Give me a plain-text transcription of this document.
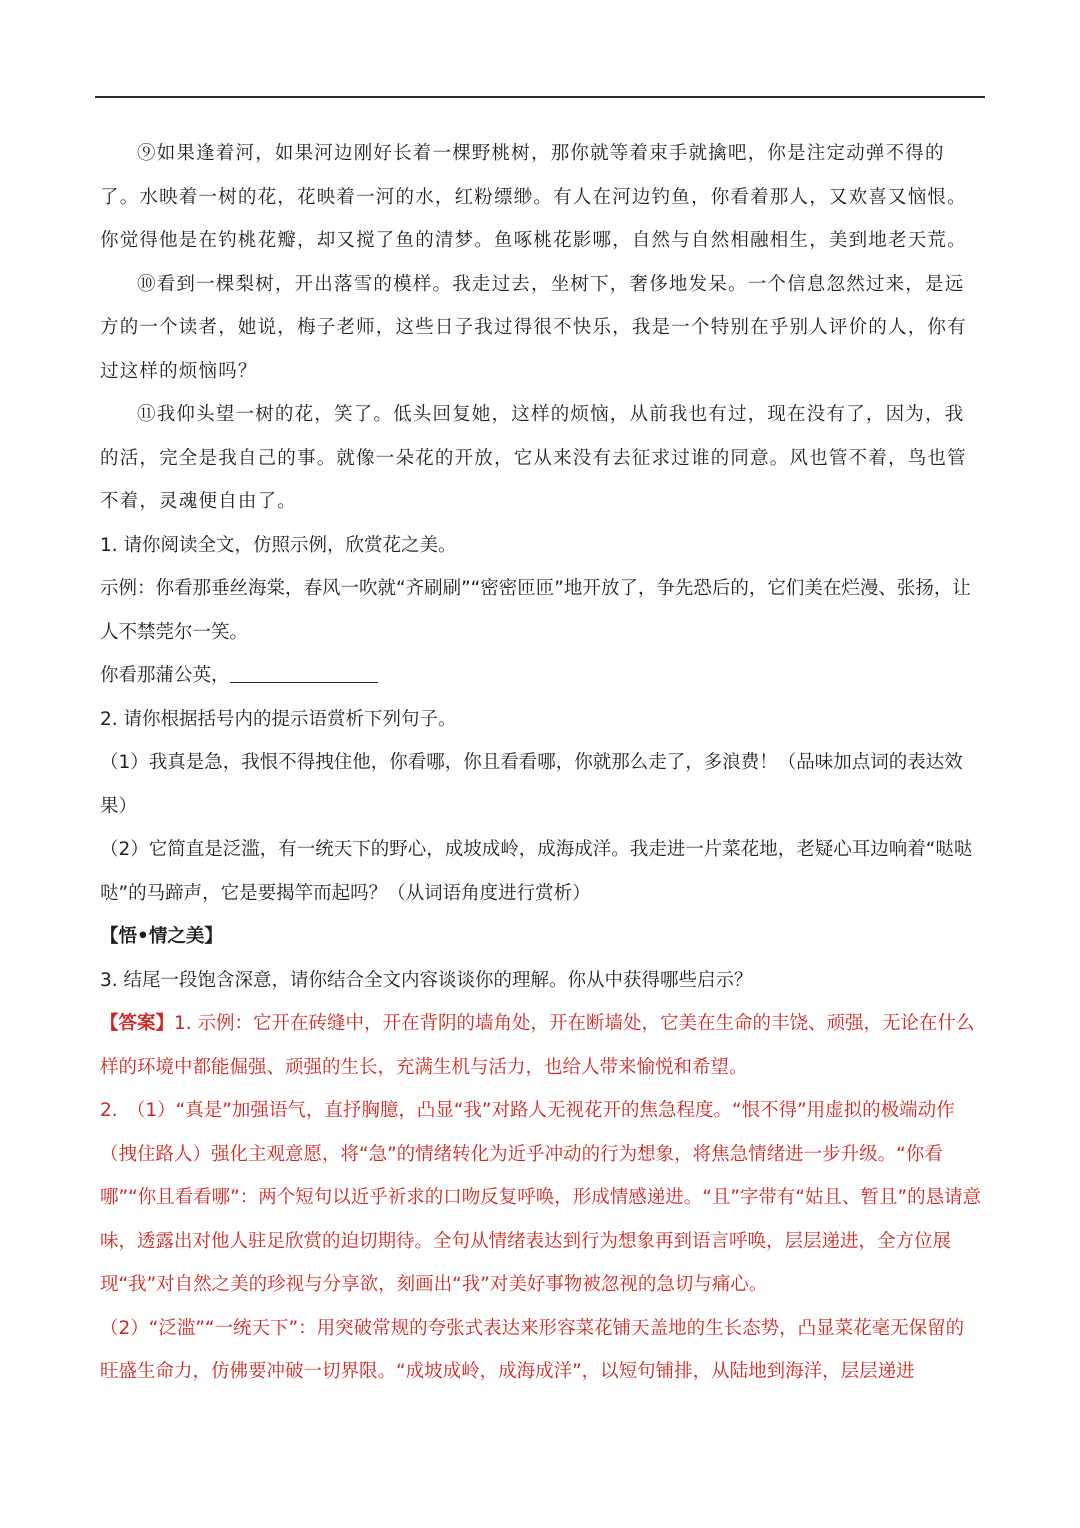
⑨如果逢着河，如果河边刚好长着一棵野桃树，那你就等着束手就擒吧，你是注定动弹不得的了。水映着一树的花，花映着一河的水，红粉缥缈。有人在河边钓鱼，你看着那人，又欢喜又恼恨。你觉得他是在钓桃花瓣，却又搅了鱼的清梦。鱼啄桃花影哪，自然与自然相融相生，美到地老天荒。

⑩看到一棵梨树，开出落雪的模样。我走过去，坐树下，奢侈地发呆。一个信息忽然过来，是远方的一个读者，她说，梅子老师，这些日子我过得很不快乐，我是一个特别在乎别人评价的人，你有过这样的烦恼吗？

⑪我仰头望一树的花，笑了。低头回复她，这样的烦恼，从前我也有过，现在没有了，因为，我的活，完全是我自己的事。就像一朵花的开放，它从来没有去征求过谁的同意。风也管不着，鸟也管不着，灵魂便自由了。

1. 请你阅读全文，仿照示例，欣赏花之美。

示例：你看那垂丝海棠，春风一吹就“齐刷刷”“密密匝匝”地开放了，争先恐后的，它们美在烂漫、张扬，让人不禁莞尔一笑。

你看那蒲公英，

2. 请你根据括号内的提示语赏析下列句子。

（1）我真是急，我恨不得拽住他，你看哪，你且看看哪，你就那么走了，多浪费！（品味加点词的表达效果）

（2）它简直是泛滥，有一统天下的野心，成坡成岭，成海成洋。我走进一片菜花地，老疑心耳边响着“哒哒哒”的马蹄声，它是要揭竿而起吗？（从词语角度进行赏析）

【悟•情之美】

3. 结尾一段饱含深意，请你结合全文内容谈谈你的理解。你从中获得哪些启示？

【答案】1. 示例：它开在砖缝中，开在背阴的墙角处，开在断墙处，它美在生命的丰饶、顽强，无论在什么样的环境中都能倔强、顽强的生长，充满生机与活力，也给人带来愉悦和希望。

2.　（1）“真是”加强语气，直抒胸臆，凸显“我”对路人无视花开的焦急程度。“恨不得”用虚拟的极端动作（拽住路人）强化主观意愿，将“急”的情绪转化为近乎冲动的行为想象，将焦急情绪进一步升级。“你看哪”“你且看看哪”：两个短句以近乎祈求的口吻反复呼唤，形成情感递进。“且”字带有“姑且、暂且”的恳请意味，透露出对他人驻足欣赏的迫切期待。全句从情绪表达到行为想象再到语言呼唤，层层递进，全方位展现“我”对自然之美的珍视与分享欲，刻画出“我”对美好事物被忽视的急切与痛心。

（2）“泛滥”“一统天下”：用突破常规的夸张式表达来形容菜花铺天盖地的生长态势，凸显菜花毫无保留的旺盛生命力，仿佛要冲破一切界限。“成坡成岭，成海成洋”，以短句铺排，从陆地到海洋，层层递进
